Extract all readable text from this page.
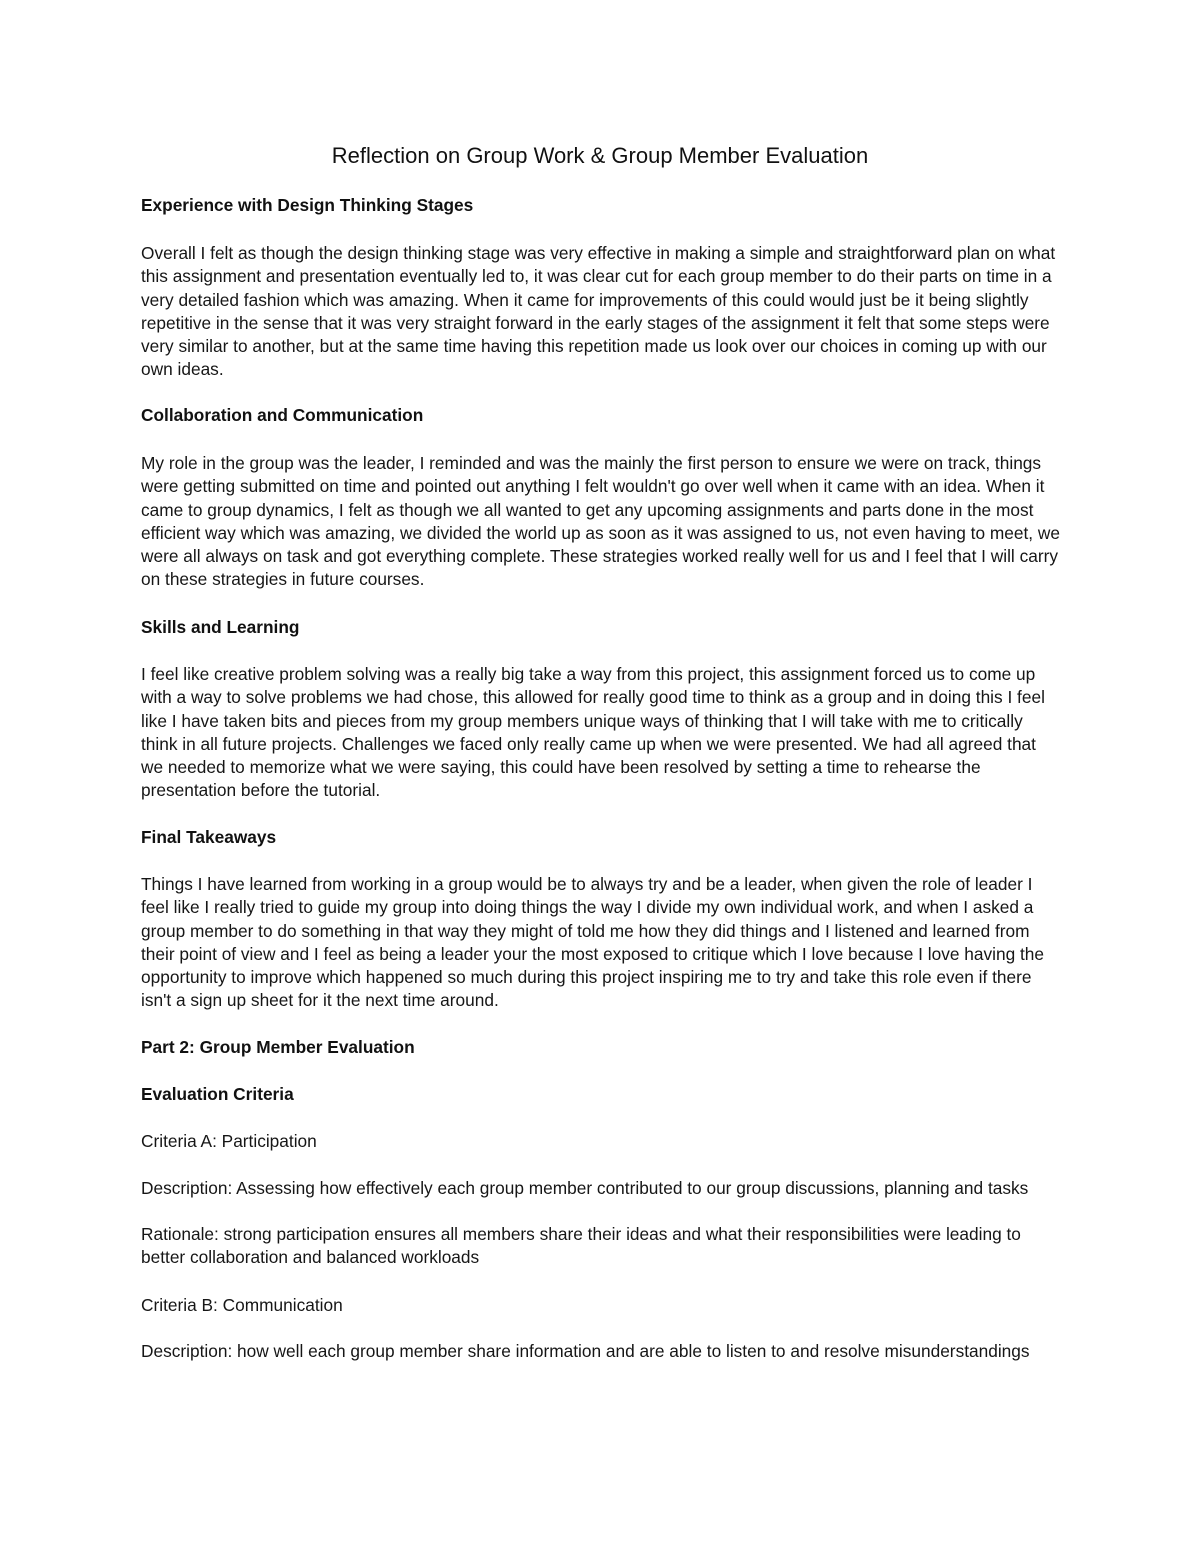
Reflection on Group Work & Group Member Evaluation

Experience with Design Thinking Stages

Overall I felt as though the design thinking stage was very effective in making a simple and straightforward plan on what this assignment and presentation eventually led to, it was clear cut for each group member to do their parts on time in a very detailed fashion which was amazing. When it came for improvements of this could would just be it being slightly repetitive in the sense that it was very straight forward in the early stages of the assignment it felt that some steps were very similar to another, but at the same time having this repetition made us look over our choices in coming up with our own ideas.

Collaboration and Communication

My role in the group was the leader, I reminded and was the mainly the first person to ensure we were on track, things were getting submitted on time and pointed out anything I felt wouldn't go over well when it came with an idea. When it came to group dynamics, I felt as though we all wanted to get any upcoming assignments and parts done in the most efficient way which was amazing, we divided the world up as soon as it was assigned to us, not even having to meet, we were all always on task and got everything complete. These strategies worked really well for us and I feel that I will carry on these strategies in future courses.

Skills and Learning

I feel like creative problem solving was a really big take a way from this project, this assignment forced us to come up with a way to solve problems we had chose, this allowed for really good time to think as a group and in doing this I feel like I have taken bits and pieces from my group members unique ways of thinking that I will take with me to critically think in all future projects. Challenges we faced only really came up when we were presented. We had all agreed that we needed to memorize what we were saying, this could have been resolved by setting a time to rehearse the presentation before the tutorial.

Final Takeaways

Things I have learned from working in a group would be to always try and be a leader, when given the role of leader I feel like I really tried to guide my group into doing things the way I divide my own individual work, and when I asked a group member to do something in that way they might of told me how they did things and I listened and learned from their point of view and I feel as being a leader your the most exposed to critique which I love because I love having the opportunity to improve which happened so much during this project inspiring me to try and take this role even if there isn't a sign up sheet for it the next time around.

Part 2: Group Member Evaluation

Evaluation Criteria

Criteria A: Participation

Description: Assessing how effectively each group member contributed to our group discussions, planning and tasks

Rationale: strong participation ensures all members share their ideas and what their responsibilities were leading to better collaboration and balanced workloads

Criteria B: Communication

Description: how well each group member share information and are able to listen to and resolve misunderstandings
